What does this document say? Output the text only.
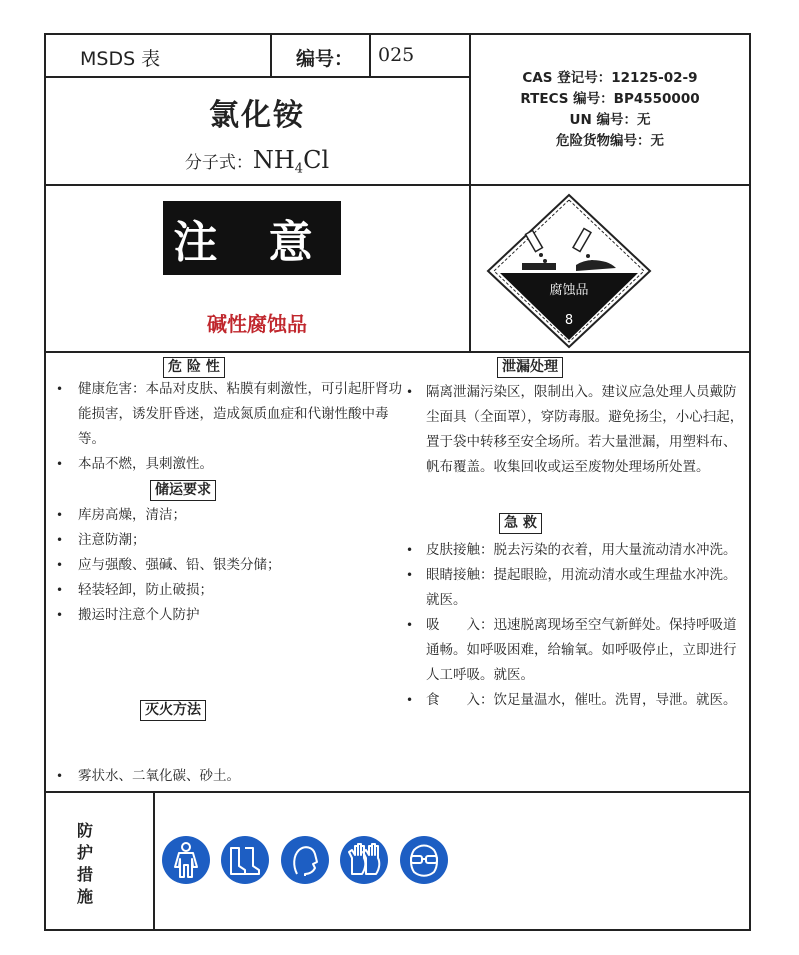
MSDS 表	编号： 025
氯化铵
分子式：$NH_4Cl$
CAS 登记号：12125-02-9
RTECS 编号：BP4550000
UN 编号：无
危险货物编号：无
注 意
碱性腐蚀品
腐蚀品
8
危 险 性
• 健康危害：本品对皮肤、粘膜有刺激性，可引起肝肾功能损害，诱发肝昏迷，造成氮质血症和代谢性酸中毒等。
• 本品不燃，具刺激性。
储运要求
• 库房高燥，清洁；
• 注意防潮；
• 应与强酸、强碱、铅、银类分储；
• 轻装轻卸，防止破损；
• 搬运时注意个人防护
灭火方法
• 雾状水、二氧化碳、砂土。
泄漏处理
• 隔离泄漏污染区，限制出入。建议应急处理人员戴防尘面具（全面罩），穿防毒服。避免扬尘，小心扫起，置于袋中转移至安全场所。若大量泄漏，用塑料布、帆布覆盖。收集回收或运至废物处理场所处置。
急 救
• 皮肤接触：脱去污染的衣着，用大量流动清水冲洗。
• 眼睛接触：提起眼睑，用流动清水或生理盐水冲洗。就医。
• 吸　　入：迅速脱离现场至空气新鲜处。保持呼吸道通畅。如呼吸困难，给输氧。如呼吸停止，立即进行人工呼吸。就医。
• 食　　入：饮足量温水，催吐。洗胃，导泄。就医。
防护措施
